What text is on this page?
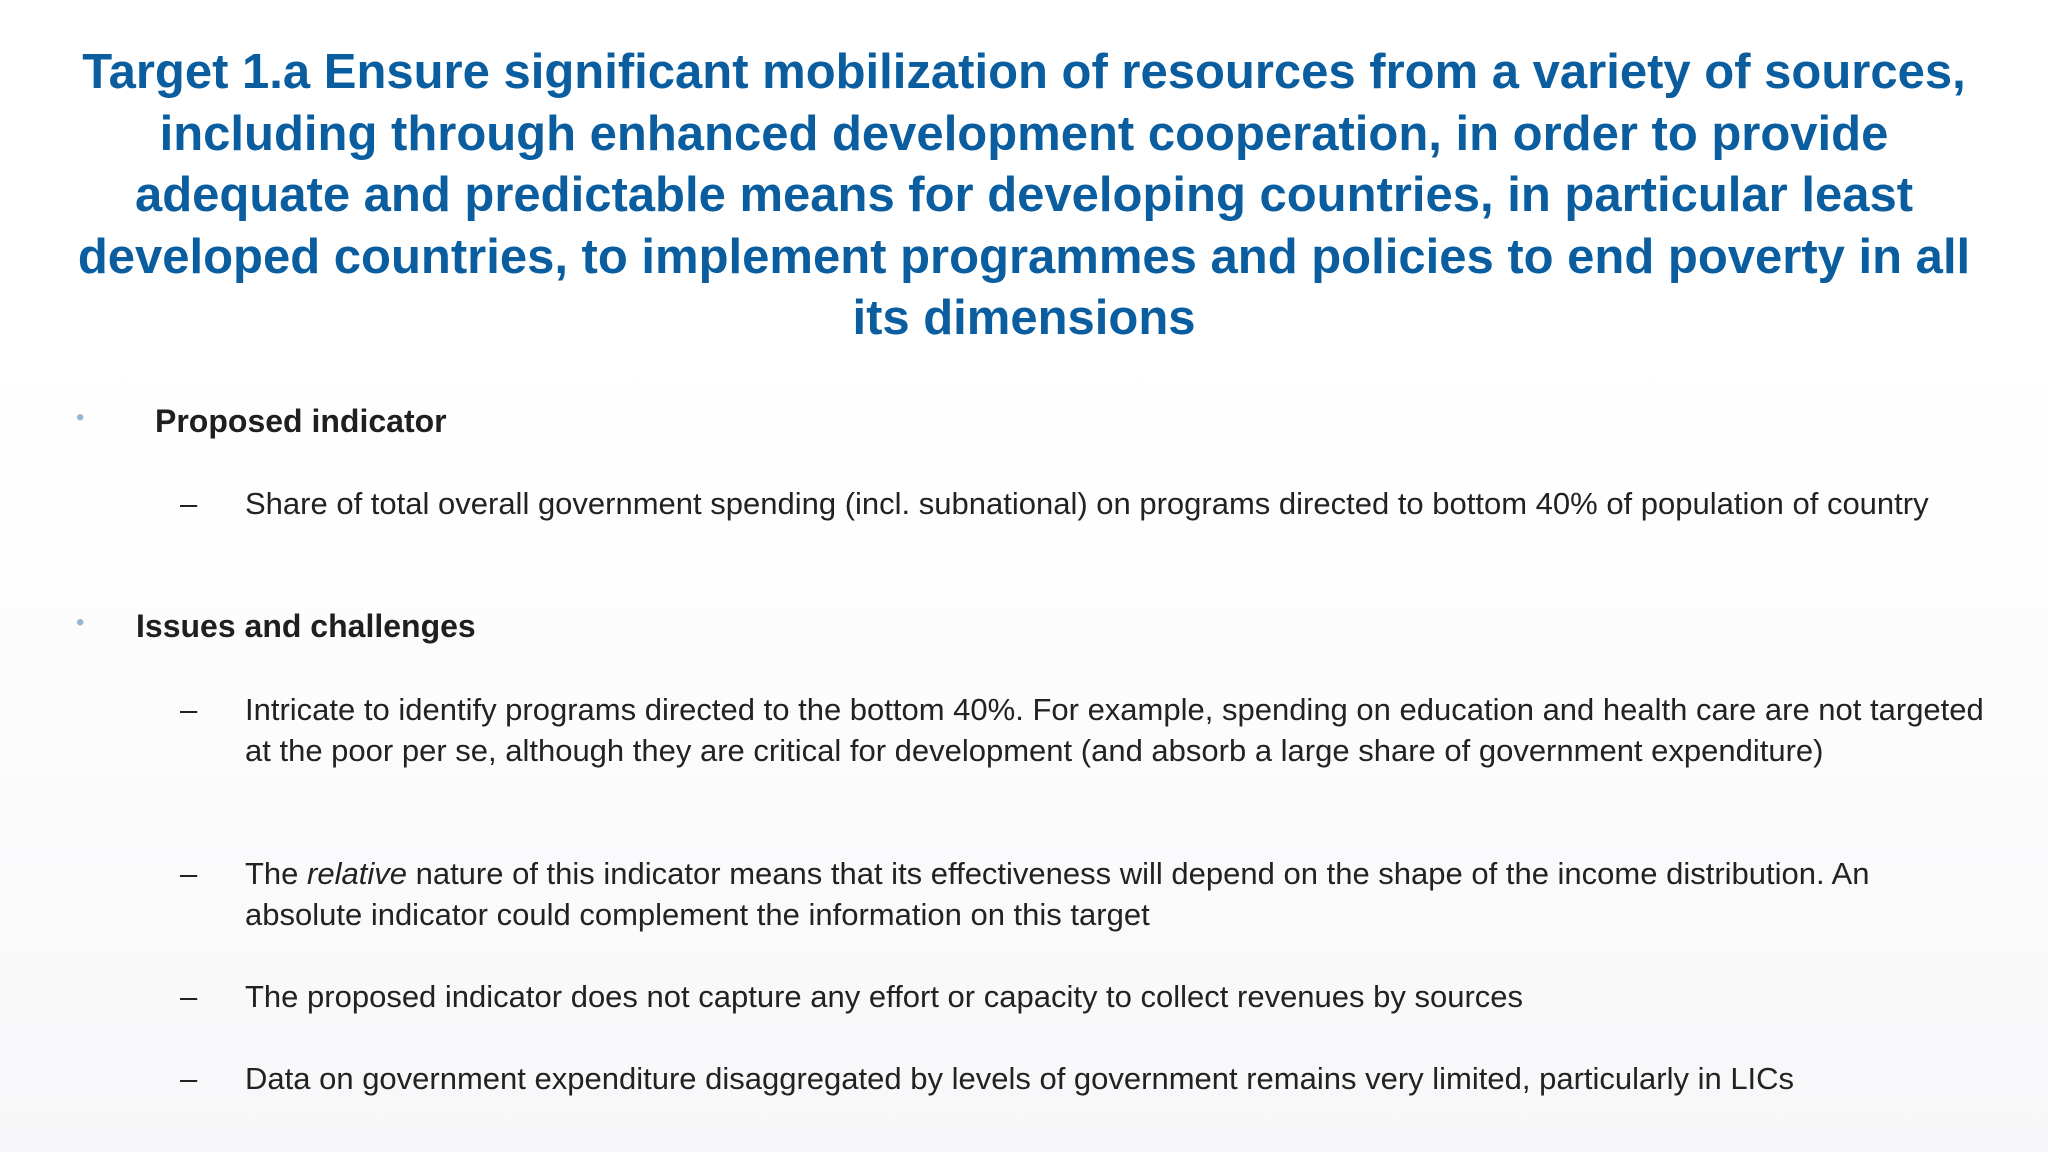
Target 1.a Ensure significant mobilization of resources from a variety of sources, including through enhanced development cooperation, in order to provide adequate and predictable means for developing countries, in particular least developed countries, to implement programmes and policies to end poverty in all its dimensions
• Proposed indicator
– Share of total overall government spending (incl. subnational) on programs directed to bottom 40% of population of country

• Issues and challenges
– Intricate to identify programs directed to the bottom 40%. For example, spending on education and health care are not targeted at the poor per se, although they are critical for development (and absorb a large share of government expenditure)

– The relative nature of this indicator means that its effectiveness will depend on the shape of the income distribution. An absolute indicator could complement the information on this target

– The proposed indicator does not capture any effort or capacity to collect revenues by sources

– Data on government expenditure disaggregated by levels of government remains very limited, particularly in LICs
